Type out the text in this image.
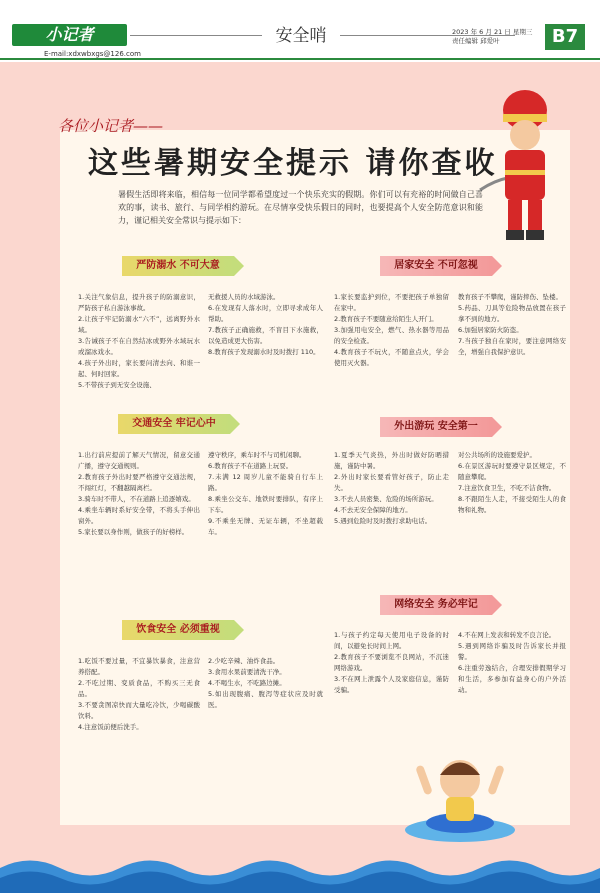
小记者
E-mail:xdxwbxgs@126.com
安全哨	2023 年 6 月 21 日 星期三
责任编辑 邱爱叶	B7
各位小记者——
这些暑期安全提示 请你查收
暑假生活即将来临，相信每一位同学都希望度过一个快乐充实的假期。你们可以有充裕的时间做自己喜欢的事，读书、旅行、与同学相约游玩。在尽情享受快乐假日的同时，也要提高个人安全防范意识和能力，谨记相关安全常识与提示如下：
严防溺水 不可大意

1.关注气象信息，提升孩子的防溺意识，严防孩子私自游泳事故。

2.让孩子牢记防溺水“六不”，远离野外水域。

3.告诫孩子不在自然结冰或野外水域玩水或溜冰戏水。

4.孩子外出时，家长要问清去向、和谁一起、何时回家。

5.不带孩子到无安全设施、

无救援人员的水域游泳。

6.在发现有人落水时，立即寻求成年人帮助。

7.教孩子正确施救，不盲目下水施救，以免造成更大伤害。

8.教育孩子发现溺水时及时拨打 110。

居家安全 不可忽视

1.家长要监护到位，不要把孩子单独留在家中。

2.教育孩子不要随意给陌生人开门。

3.加强用电安全，燃气、热水器等用品的安全检查。

4.教育孩子不玩火，不随意点火，学会使用灭火器。

教育孩子不攀爬，谨防摔伤、坠楼。

5.药品、刀具等危险物品放置在孩子拿不到的地方。

6.加强居家防火防盗。

7.当孩子独自在家时，要注意网络安全，增强自我保护意识。

交通安全 牢记心中

1.出行前应提前了解天气情况，留意交通广播，遵守交通规则。

2.教育孩子外出时要严格遵守交通法规，不闯红灯，不翻越隔离栏。

3.骑车时不带人，不在道路上追逐嬉戏。

4.乘坐车辆时系好安全带，不将头手伸出窗外。

5.家长要以身作则，做孩子的好榜样。

遵守秩序，乘车时不与司机闲聊。

6.教育孩子不在道路上玩耍。

7.未满 12 周岁儿童不能骑自行车上路。

8.乘坐公交车、地铁时要排队，有序上下车。

9.不乘坐无牌、无证车辆，不坐超载车。

外出游玩 安全第一

1.夏季天气炎热，外出时做好防晒措施，谨防中暑。

2.外出时家长要看管好孩子，防止走失。

3.不去人员密集、危险的场所游玩。

4.不去无安全保障的地方。

5.遇到危险时及时拨打求助电话。

对公共场所的设施要爱护。

6.在景区游玩时要遵守景区规定，不随意攀爬。

7.注意饮食卫生，不吃不洁食物。

8.不跟陌生人走，不接受陌生人的食物和礼物。

网络安全 务必牢记

1.与孩子约定每天使用电子设备的时间，以避免长时间上网。

2.教育孩子不要浏览不良网站，不沉迷网络游戏。

3.不在网上泄露个人及家庭信息，谨防受骗。

4.不在网上发表和转发不良言论。

5.遇到网络诈骗及时告诉家长并报警。

6.注重劳逸结合，合理安排假期学习和生活，多参加有益身心的户外活动。

饮食安全 必须重视

1.吃饭不要过量，不宜暴饮暴食，注意营养搭配。

2.不吃过期、变质食品，不购买三无食品。

3.不要贪图凉快而大量吃冷饮，少喝碳酸饮料。

4.注意饭前便后洗手。

2.少吃辛辣、油炸食品。

3.食用水果前要清洗干净。

4.不喝生水，不吃路边摊。

5.如出现腹痛、腹泻等症状应及时就医。
